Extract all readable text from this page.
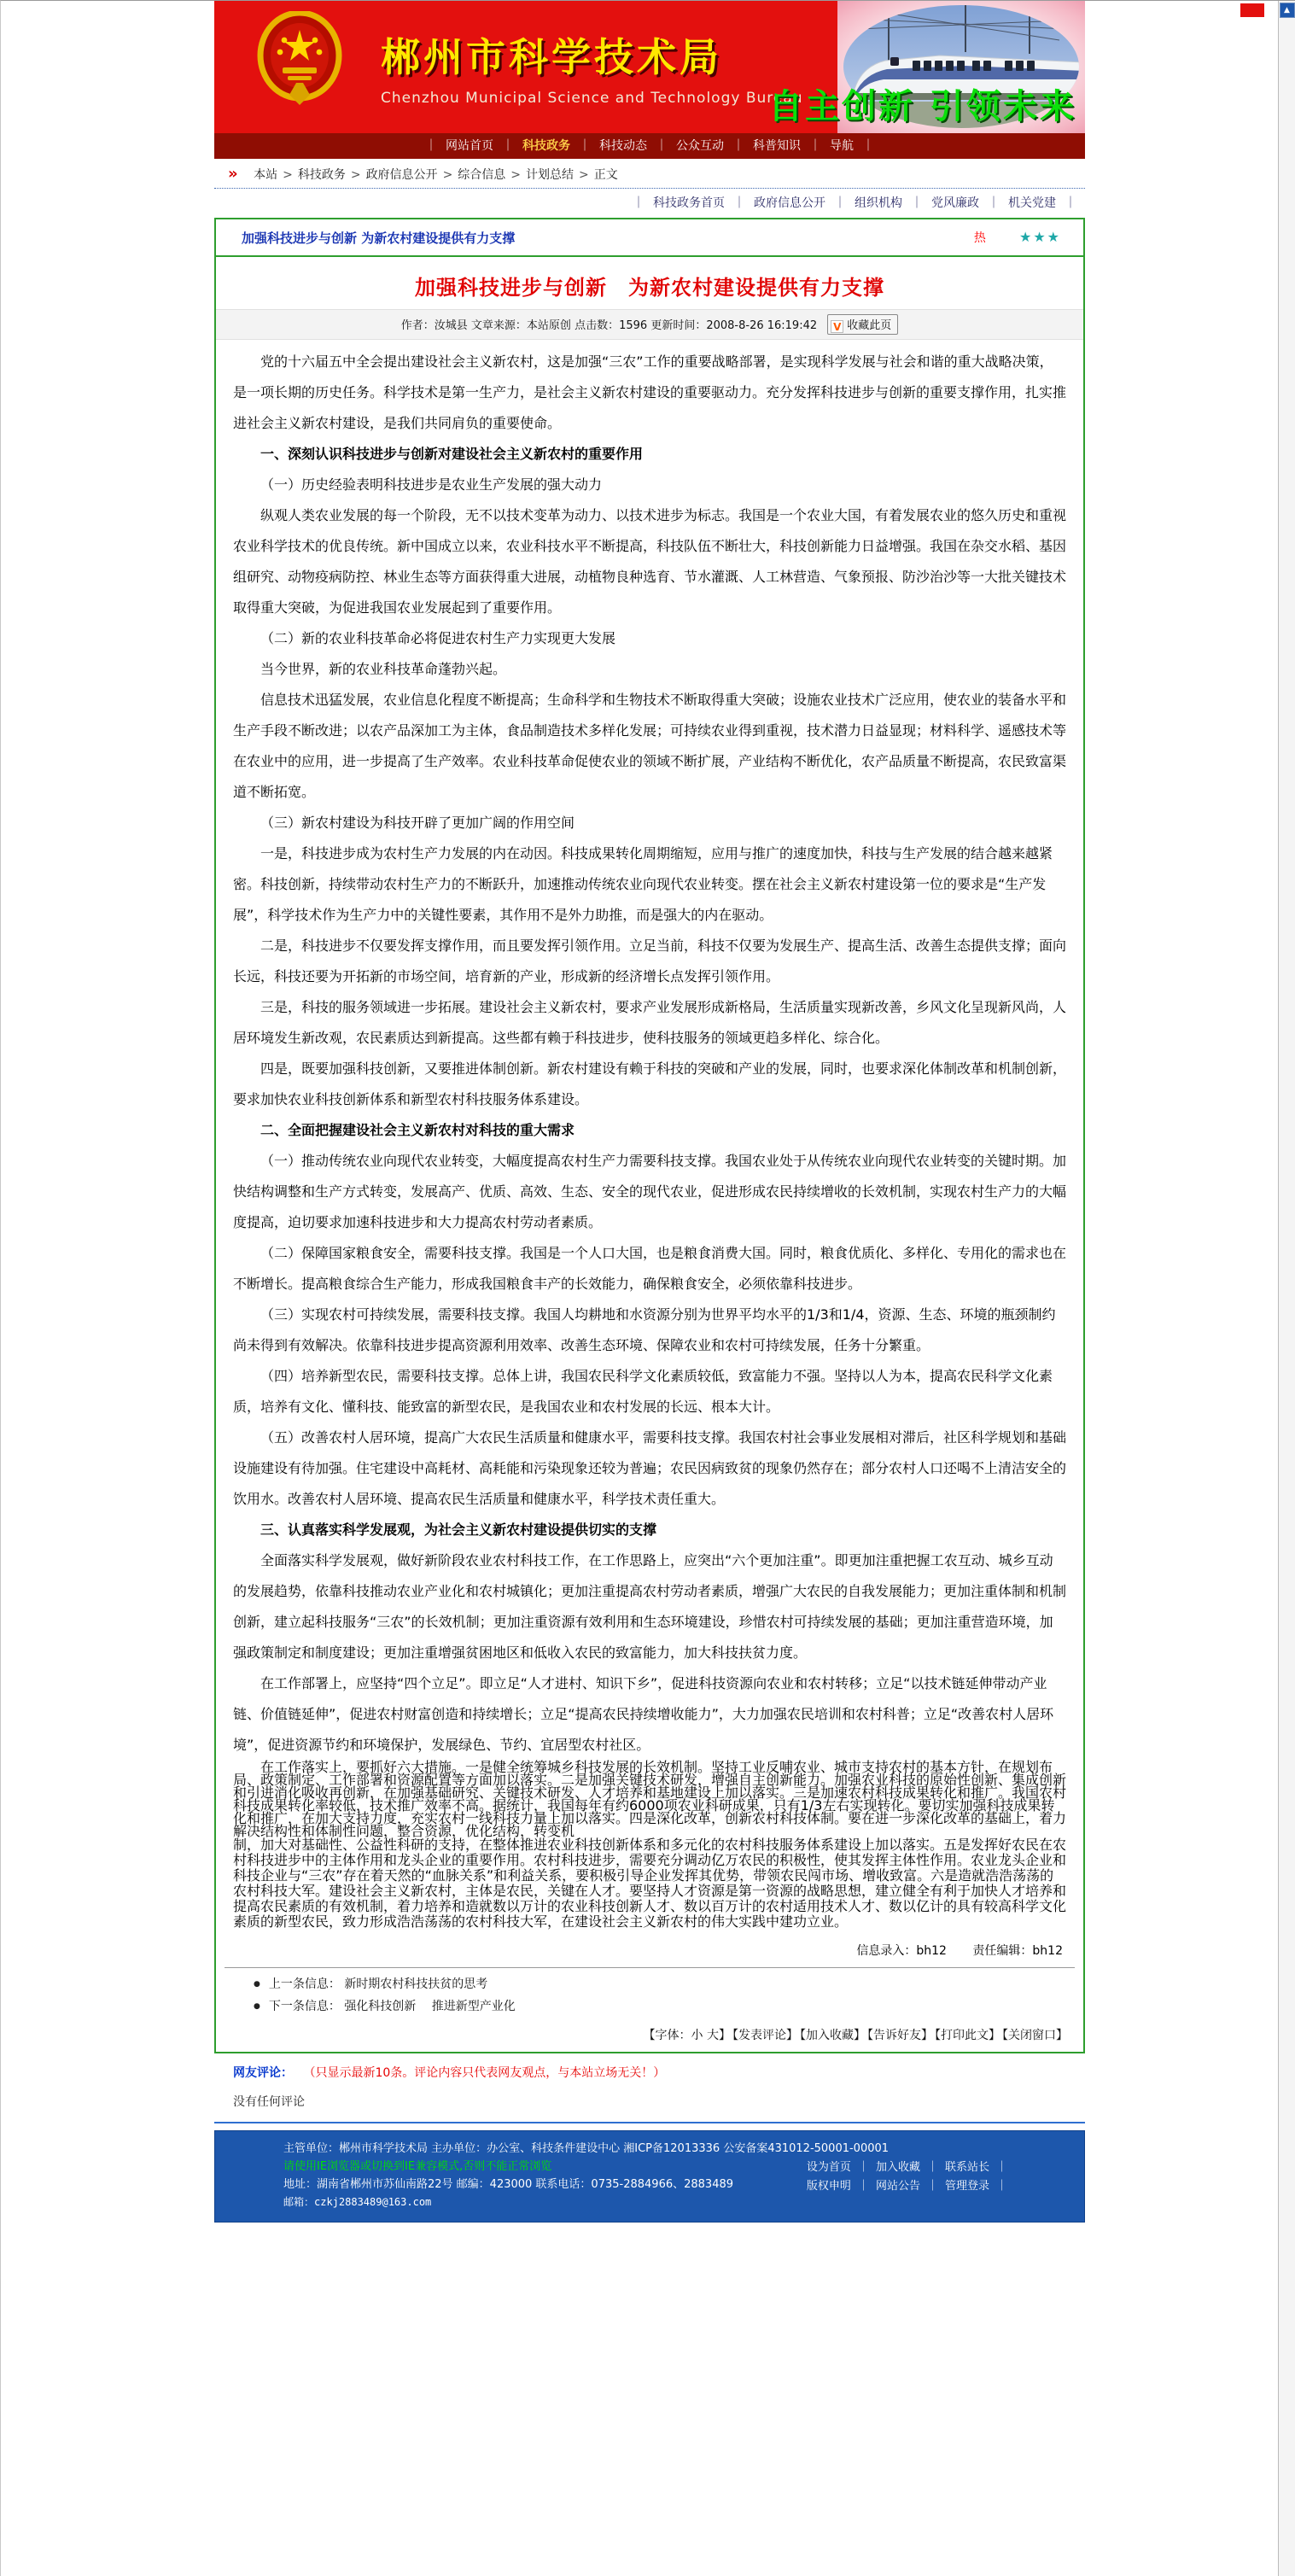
▲
郴州市科学技术局
Chenzhou Municipal Science and Technology Bureau
自主创新 引领未来
｜ 网站首页 ｜ 科技政务 ｜ 科技动态 ｜ 公众互动 ｜ 科普知识 ｜ 导航 ｜
» 本站 > 科技政务 > 政府信息公开 > 综合信息 > 计划总结 > 正文
｜ 科技政务首页 ｜ 政府信息公开 ｜ 组织机构 ｜ 党风廉政 ｜ 机关党建 ｜
加强科技进步与创新 为新农村建设提供有力支撑	热 ★★★
加强科技进步与创新　为新农村建设提供有力支撑
作者：汝城县 文章来源：本站原创 点击数：1596 更新时间：2008-8-26 16:19:42 V 收藏此页

党的十六届五中全会提出建设社会主义新农村，这是加强“三农”工作的重要战略部署，是实现科学发展与社会和谐的重大战略决策，是一项长期的历史任务。科学技术是第一生产力，是社会主义新农村建设的重要驱动力。充分发挥科技进步与创新的重要支撑作用，扎实推进社会主义新农村建设，是我们共同肩负的重要使命。

一、深刻认识科技进步与创新对建设社会主义新农村的重要作用

（一）历史经验表明科技进步是农业生产发展的强大动力

纵观人类农业发展的每一个阶段，无不以技术变革为动力、以技术进步为标志。我国是一个农业大国，有着发展农业的悠久历史和重视农业科学技术的优良传统。新中国成立以来，农业科技水平不断提高，科技队伍不断壮大，科技创新能力日益增强。我国在杂交水稻、基因组研究、动物疫病防控、林业生态等方面获得重大进展，动植物良种选育、节水灌溉、人工林营造、气象预报、防沙治沙等一大批关键技术取得重大突破，为促进我国农业发展起到了重要作用。

（二）新的农业科技革命必将促进农村生产力实现更大发展

当今世界，新的农业科技革命蓬勃兴起。

信息技术迅猛发展，农业信息化程度不断提高；生命科学和生物技术不断取得重大突破；设施农业技术广泛应用，使农业的装备水平和生产手段不断改进；以农产品深加工为主体，食品制造技术多样化发展；可持续农业得到重视，技术潜力日益显现；材料科学、遥感技术等在农业中的应用，进一步提高了生产效率。农业科技革命促使农业的领域不断扩展，产业结构不断优化，农产品质量不断提高，农民致富渠道不断拓宽。

（三）新农村建设为科技开辟了更加广阔的作用空间

一是，科技进步成为农村生产力发展的内在动因。科技成果转化周期缩短，应用与推广的速度加快，科技与生产发展的结合越来越紧密。科技创新，持续带动农村生产力的不断跃升，加速推动传统农业向现代农业转变。摆在社会主义新农村建设第一位的要求是“生产发展”，科学技术作为生产力中的关键性要素，其作用不是外力助推，而是强大的内在驱动。

二是，科技进步不仅要发挥支撑作用，而且要发挥引领作用。立足当前，科技不仅要为发展生产、提高生活、改善生态提供支撑；面向长远，科技还要为开拓新的市场空间，培育新的产业，形成新的经济增长点发挥引领作用。

三是，科技的服务领域进一步拓展。建设社会主义新农村，要求产业发展形成新格局，生活质量实现新改善，乡风文化呈现新风尚，人居环境发生新改观，农民素质达到新提高。这些都有赖于科技进步，使科技服务的领域更趋多样化、综合化。

四是，既要加强科技创新，又要推进体制创新。新农村建设有赖于科技的突破和产业的发展，同时，也要求深化体制改革和机制创新，要求加快农业科技创新体系和新型农村科技服务体系建设。

二、全面把握建设社会主义新农村对科技的重大需求

（一）推动传统农业向现代农业转变，大幅度提高农村生产力需要科技支撑。我国农业处于从传统农业向现代农业转变的关键时期。加快结构调整和生产方式转变，发展高产、优质、高效、生态、安全的现代农业，促进形成农民持续增收的长效机制，实现农村生产力的大幅度提高，迫切要求加速科技进步和大力提高农村劳动者素质。

（二）保障国家粮食安全，需要科技支撑。我国是一个人口大国，也是粮食消费大国。同时，粮食优质化、多样化、专用化的需求也在不断增长。提高粮食综合生产能力，形成我国粮食丰产的长效能力，确保粮食安全，必须依靠科技进步。

（三）实现农村可持续发展，需要科技支撑。我国人均耕地和水资源分别为世界平均水平的1/3和1/4，资源、生态、环境的瓶颈制约尚未得到有效解决。依靠科技进步提高资源利用效率、改善生态环境、保障农业和农村可持续发展，任务十分繁重。

（四）培养新型农民，需要科技支撑。总体上讲，我国农民科学文化素质较低，致富能力不强。坚持以人为本，提高农民科学文化素质，培养有文化、懂科技、能致富的新型农民，是我国农业和农村发展的长远、根本大计。

（五）改善农村人居环境，提高广大农民生活质量和健康水平，需要科技支撑。我国农村社会事业发展相对滞后，社区科学规划和基础设施建设有待加强。住宅建设中高耗材、高耗能和污染现象还较为普遍；农民因病致贫的现象仍然存在；部分农村人口还喝不上清洁安全的饮用水。改善农村人居环境、提高农民生活质量和健康水平，科学技术责任重大。

三、认真落实科学发展观，为社会主义新农村建设提供切实的支撑

全面落实科学发展观，做好新阶段农业农村科技工作，在工作思路上，应突出“六个更加注重”。即更加注重把握工农互动、城乡互动的发展趋势，依靠科技推动农业产业化和农村城镇化；更加注重提高农村劳动者素质，增强广大农民的自我发展能力；更加注重体制和机制创新，建立起科技服务“三农”的长效机制；更加注重资源有效利用和生态环境建设，珍惜农村可持续发展的基础；更加注重营造环境，加强政策制定和制度建设；更加注重增强贫困地区和低收入农民的致富能力，加大科技扶贫力度。

在工作部署上，应坚持“四个立足”。即立足“人才进村、知识下乡”，促进科技资源向农业和农村转移；立足“以技术链延伸带动产业链、价值链延伸”，促进农村财富创造和持续增长；立足“提高农民持续增收能力”，大力加强农民培训和农村科普；立足“改善农村人居环境”，促进资源节约和环境保护，发展绿色、节约、宜居型农村社区。

在工作落实上，要抓好六大措施。一是健全统筹城乡科技发展的长效机制。坚持工业反哺农业、城市支持农村的基本方针，在规划布局、政策制定、工作部署和资源配置等方面加以落实。二是加强关键技术研发，增强自主创新能力。加强农业科技的原始性创新、集成创新和引进消化吸收再创新，在加强基础研究、关键技术研发、人才培养和基地建设上加以落实。三是加速农村科技成果转化和推广。我国农村科技成果转化率较低，技术推广效率不高。据统计，我国每年有约6000项农业科研成果，只有1/3左右实现转化。要切实加强科技成果转化和推广，在加大支持力度，充实农村一线科技力量上加以落实。四是深化改革，创新农村科技体制。要在进一步深化改革的基础上，着力解决结构性和体制性问题，整合资源，优化结构，转变机

制，加大对基础性、公益性科研的支持，在整体推进农业科技创新体系和多元化的农村科技服务体系建设上加以落实。五是发挥好农民在农村科技进步中的主体作用和龙头企业的重要作用。农村科技进步，需要充分调动亿万农民的积极性，使其发挥主体性作用。农业龙头企业和科技企业与“三农”存在着天然的“血脉关系”和利益关系，要积极引导企业发挥其优势，带领农民闯市场、增收致富。六是造就浩浩荡荡的农村科技大军。建设社会主义新农村，主体是农民，关键在人才。要坚持人才资源是第一资源的战略思想，建立健全有利于加快人才培养和提高农民素质的有效机制，着力培养和造就数以万计的农业科技创新人才、数以百万计的农村适用技术人才、数以亿计的具有较高科学文化素质的新型农民，致力形成浩浩荡荡的农村科技大军，在建设社会主义新农村的伟大实践中建功立业。

信息录入：bh12 责任编辑：bh12
● 上一条信息： 新时期农村科技扶贫的思考
● 下一条信息： 强化科技创新　 推进新型产业化
【字体：小 大】 【发表评论】 【加入收藏】 【告诉好友】 【打印此文】 【关闭窗口】
网友评论： （只显示最新10条。评论内容只代表网友观点，与本站立场无关！）
没有任何评论
主管单位：郴州市科学技术局 主办单位：办公室、科技条件建设中心 湘ICP备12013336 公安备案431012-50001-00001
请使用IE浏览器或切换到IE兼容模式,否则不能正常浏览
地址：湖南省郴州市苏仙南路22号 邮编：423000 联系电话：0735-2884966、2883489
邮箱：czkj2883489@163.com
设为首页 ｜ 加入收藏 ｜ 联系站长 ｜
版权申明 ｜ 网站公告 ｜ 管理登录 ｜
